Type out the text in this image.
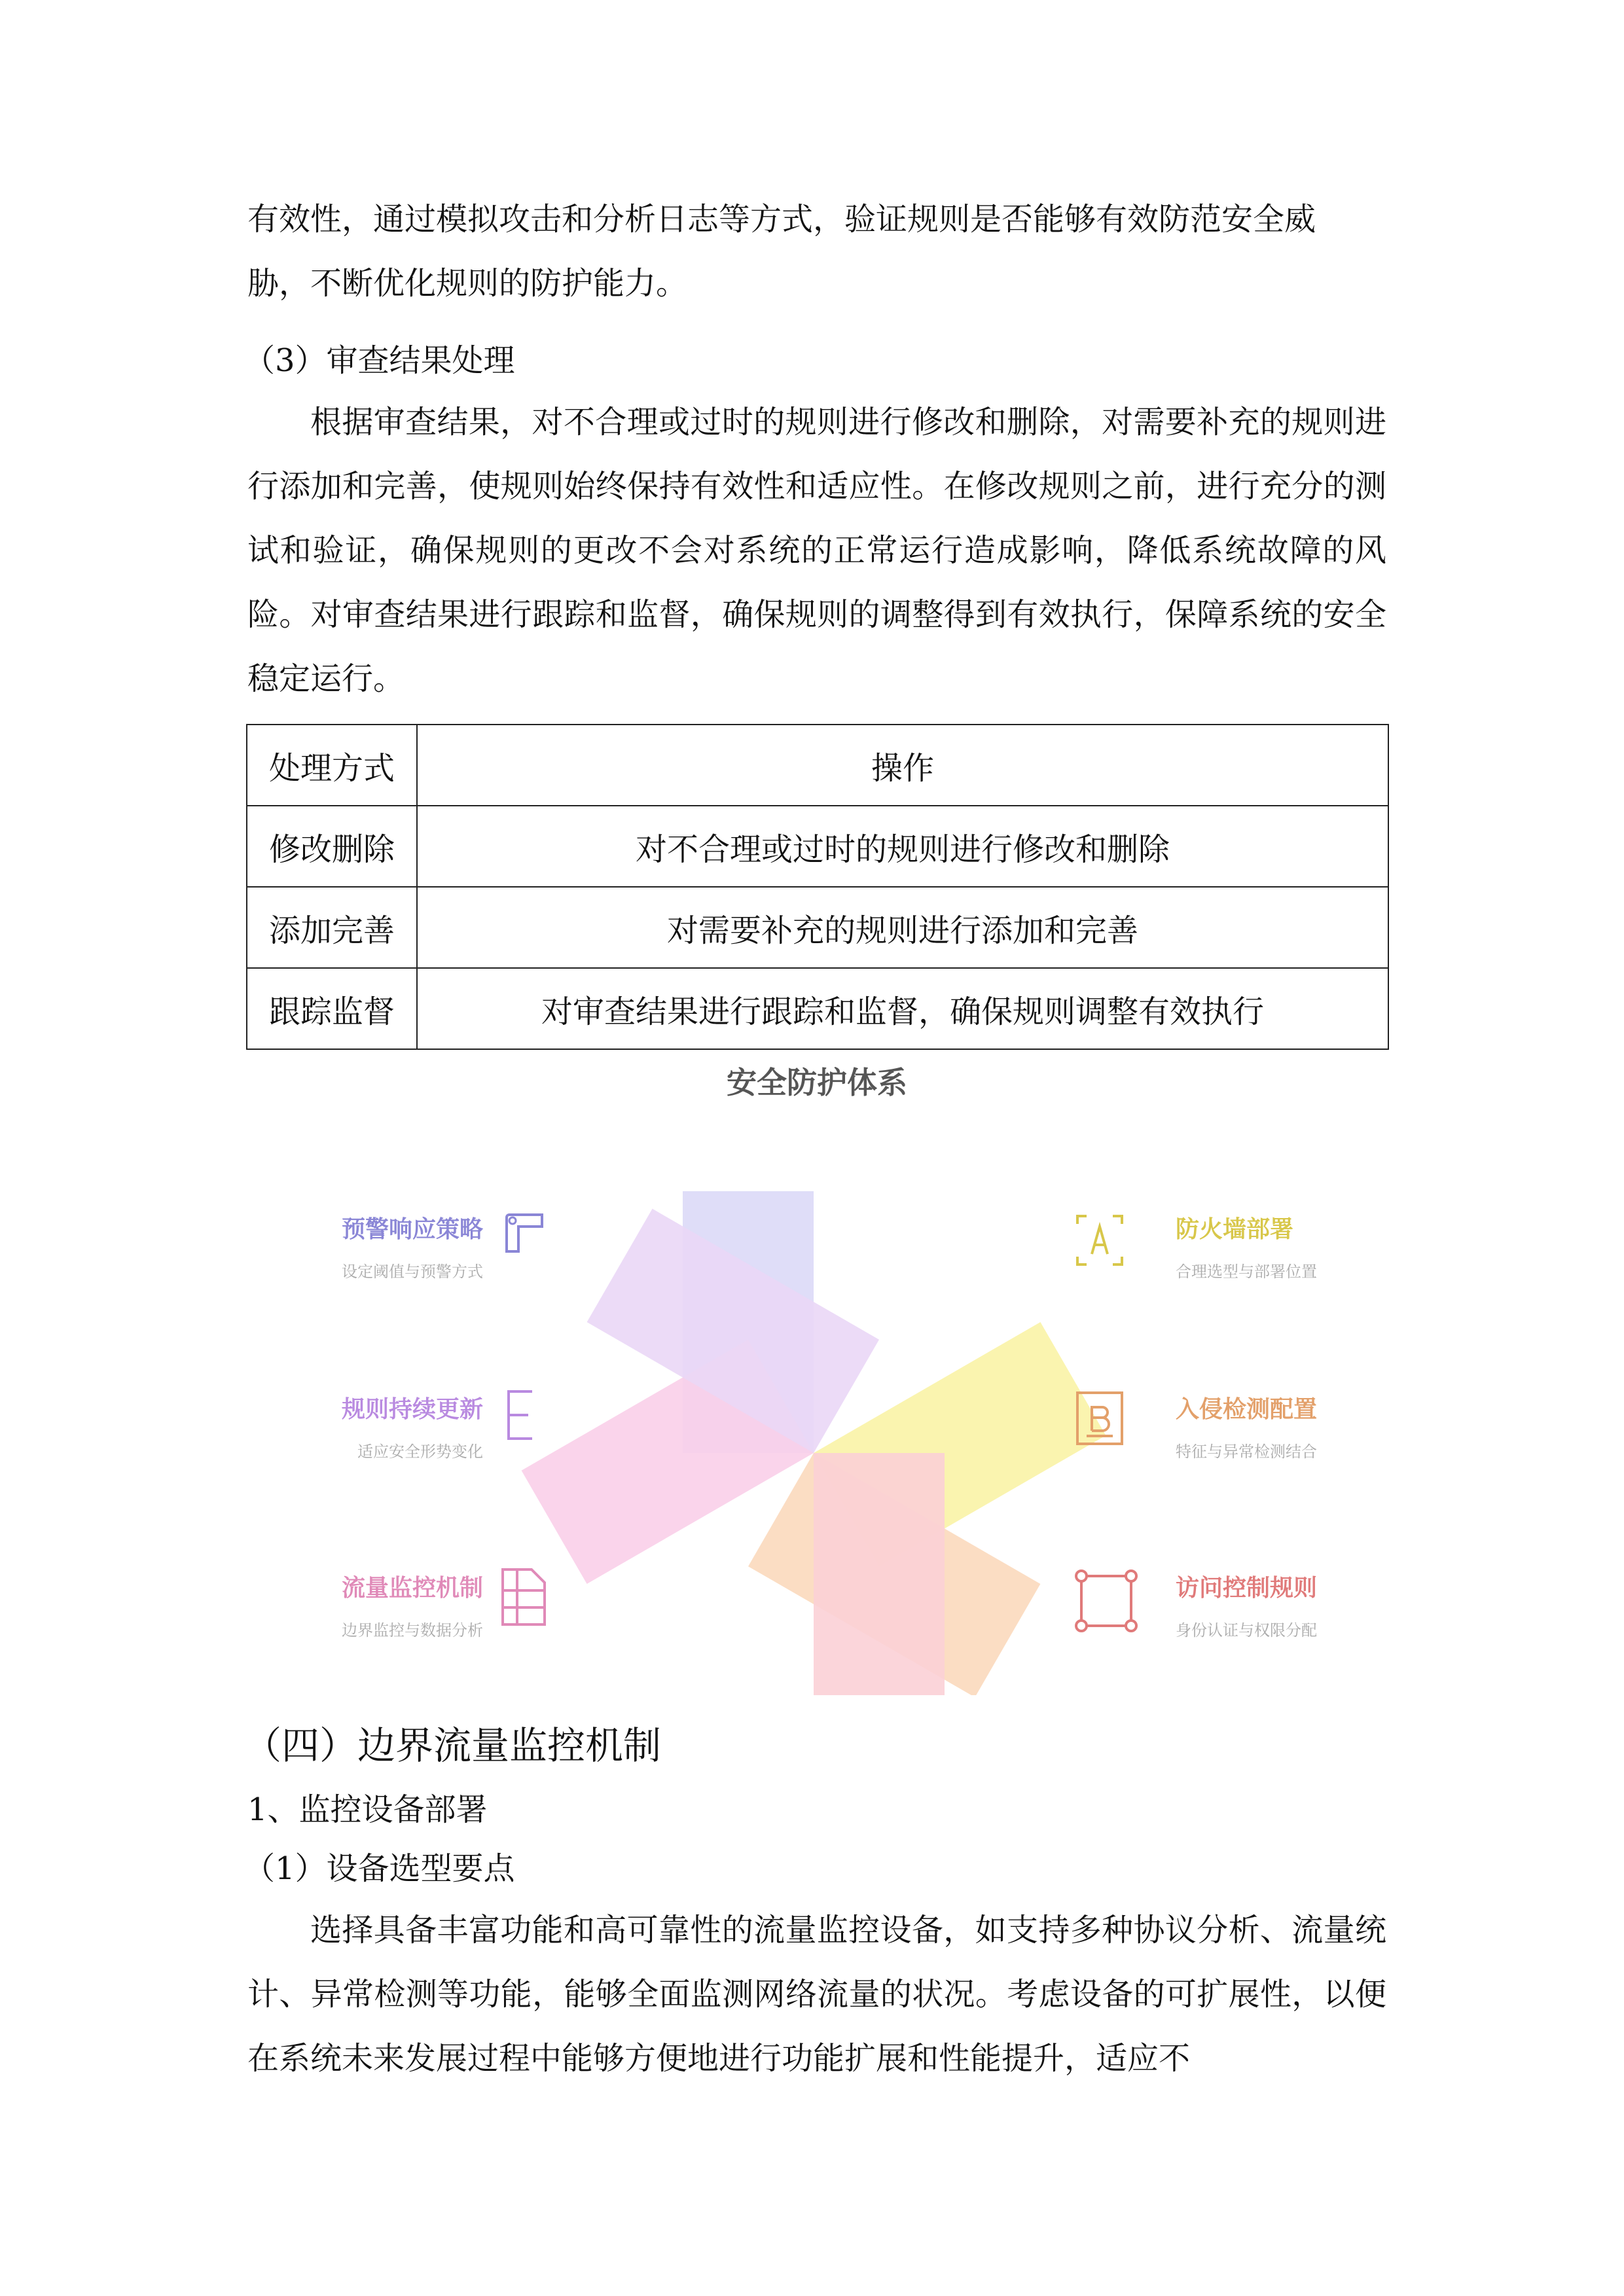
有效性，通过模拟攻击和分析日志等方式，验证规则是否能够有效防范安全威

胁，不断优化规则的防护能力。

（3）审查结果处理

根据审查结果，对不合理或过时的规则进行修改和删除，对需要补充的规则进行添加和完善，使规则始终保持有效性和适应性。在修改规则之前，进行充分的测试和验证，确保规则的更改不会对系统的正常运行造成影响，降低系统故障的风险。对审查结果进行跟踪和监督，确保规则的调整得到有效执行，保障系统的安全稳定运行。

处理方式	操作
修改删除	对不合理或过时的规则进行修改和删除
添加完善	对需要补充的规则进行添加和完善
跟踪监督	对审查结果进行跟踪和监督，确保规则调整有效执行

安全防护体系

预警响应策略
设定阈值与预警方式
规则持续更新
适应安全形势变化
流量监控机制
边界监控与数据分析
防火墙部署
合理选型与部署位置
入侵检测配置
特征与异常检测结合
访问控制规则
身份认证与权限分配

（四）边界流量监控机制

1、监控设备部署

（1）设备选型要点

选择具备丰富功能和高可靠性的流量监控设备，如支持多种协议分析、流量统计、异常检测等功能，能够全面监测网络流量的状况。考虑设备的可扩展性，以便在系统未来发展过程中能够方便地进行功能扩展和性能提升，适应不
